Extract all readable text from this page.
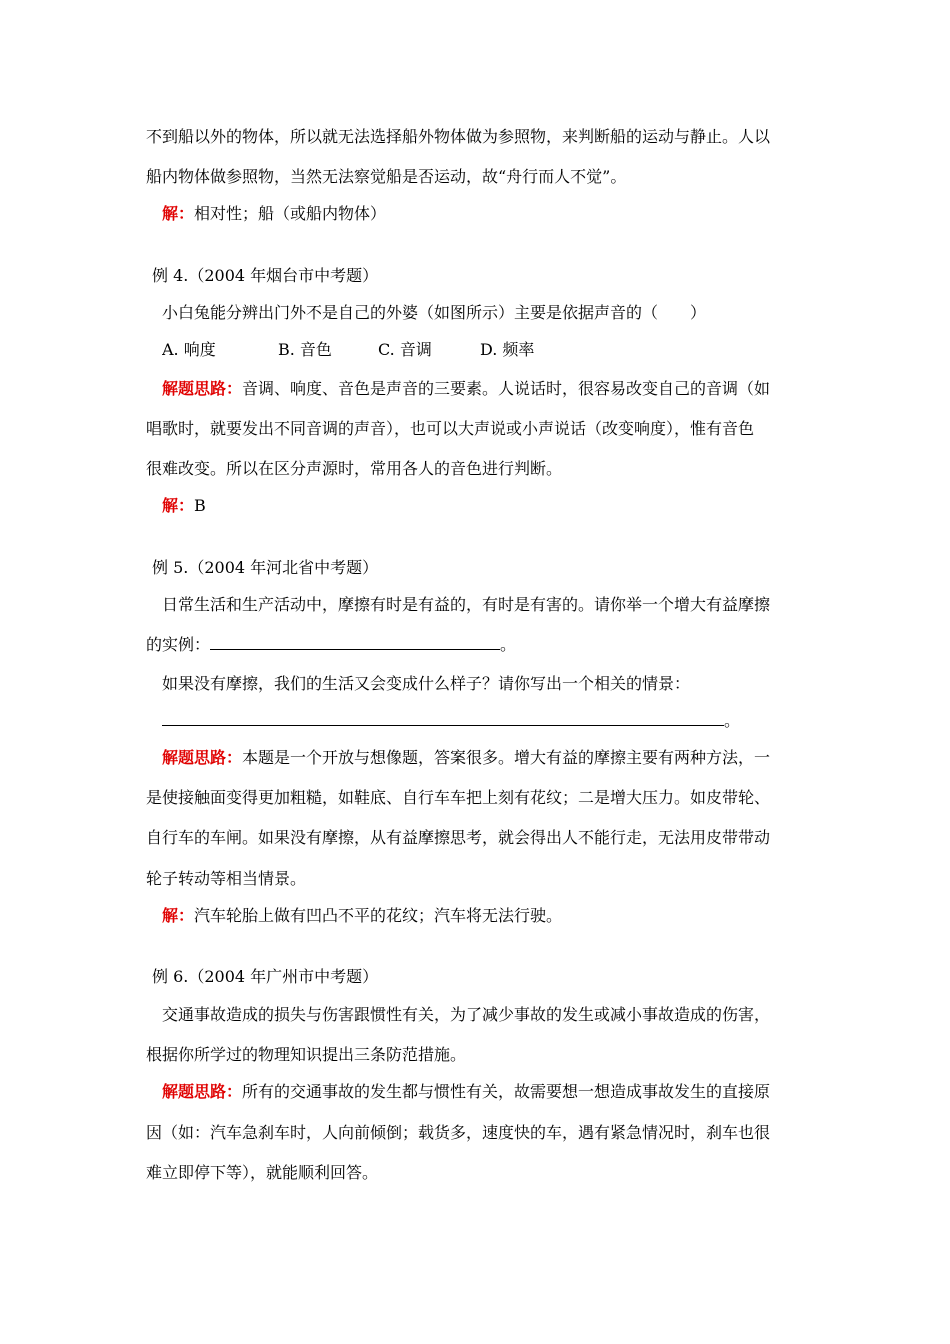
不到船以外的物体，所以就无法选择船外物体做为参照物，来判断船的运动与静止。人以
船内物体做参照物，当然无法察觉船是否运动，故“舟行而人不觉”。
解：相对性；船（或船内物体）
例 4.（2004 年烟台市中考题）
小白兔能分辨出门外不是自己的外婆（如图所示）主要是依据声音的（　　）
A. 响度	B. 音色	C. 音调	D. 频率
解题思路：音调、响度、音色是声音的三要素。人说话时，很容易改变自己的音调（如
唱歌时，就要发出不同音调的声音），也可以大声说或小声说话（改变响度），惟有音色
很难改变。所以在区分声源时，常用各人的音色进行判断。
解：B
例 5.（2004 年河北省中考题）
日常生活和生产活动中，摩擦有时是有益的，有时是有害的。请你举一个增大有益摩擦
的实例：	。
如果没有摩擦，我们的生活又会变成什么样子？请你写出一个相关的情景：
。
解题思路：本题是一个开放与想像题，答案很多。增大有益的摩擦主要有两种方法，一
是使接触面变得更加粗糙，如鞋底、自行车车把上刻有花纹；二是增大压力。如皮带轮、
自行车的车闸。如果没有摩擦，从有益摩擦思考，就会得出人不能行走，无法用皮带带动
轮子转动等相当情景。
解：汽车轮胎上做有凹凸不平的花纹；汽车将无法行驶。
例 6.（2004 年广州市中考题）
交通事故造成的损失与伤害跟惯性有关，为了减少事故的发生或减小事故造成的伤害，
根据你所学过的物理知识提出三条防范措施。
解题思路：所有的交通事故的发生都与惯性有关，故需要想一想造成事故发生的直接原
因（如：汽车急刹车时，人向前倾倒；载货多，速度快的车，遇有紧急情况时，刹车也很
难立即停下等），就能顺利回答。
